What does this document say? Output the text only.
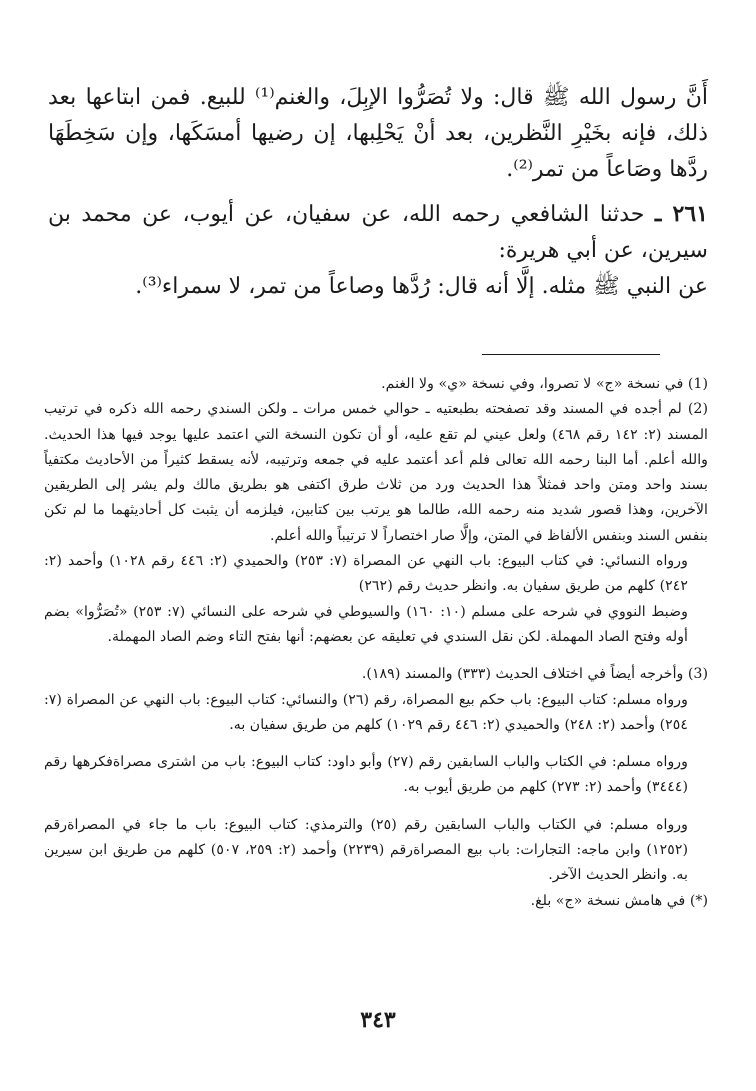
أَنَّ رسول الله ﷺ قال: ولا تُصَرُّوا الإبِلَ، والغنم⁽¹⁾ للبيع. فمن ابتاعها بعد ذلك، فإنه بخَيْرِ النَّظرين، بعد أنْ يَحْلِبها، إن رضيها أمسَكَها، وإن سَخِطَهَا ردَّها وصَاعاً من تمر⁽²⁾.

٢٦١ ـ حدثنا الشافعي رحمه الله، عن سفيان، عن أيوب، عن محمد بن سيرين، عن أبي هريرة:

عن النبي ﷺ مثله. إلَّا أنه قال: رُدَّها وصاعاً من تمر، لا سمراء⁽³⁾.

(1) في نسخة «ج» لا تصروا، وفي نسخة «ي» ولا الغنم.

(2) لم أجده في المسند وقد تصفحته بطبعتيه ـ حوالي خمس مرات ـ ولكن السندي رحمه الله ذكره في ترتيب المسند (٢: ١٤٢ رقم ٤٦٨) ولعل عيني لم تقع عليه، أو أن تكون النسخة التي اعتمد عليها يوجد فيها هذا الحديث. والله أعلم. أما البنا رحمه الله تعالى فلم أعد أعتمد عليه في جمعه وترتيبه، لأنه يسقط كثيراً من الأحاديث مكتفياً بسند واحد ومتن واحد فمثلاً هذا الحديث ورد من ثلاث طرق اكتفى هو بطريق مالك ولم يشر إلى الطريقين الآخرين، وهذا قصور شديد منه رحمه الله، طالما هو يرتب بين كتابين، فيلزمه أن يثبت كل أحاديثهما ما لم تكن بنفس السند وبنفس الألفاظ في المتن، وإلَّا صار اختصاراً لا ترتيباً والله أعلم.

ورواه النسائي: في كتاب البيوع: باب النهي عن المصراة (٧: ٢٥٣) والحميدي (٢: ٤٤٦ رقم ١٠٢٨) وأحمد (٢: ٢٤٢) كلهم من طريق سفيان به. وانظر حديث رقم (٢٦٢)

وضبط النووي في شرحه على مسلم (١٠: ١٦٠) والسيوطي في شرحه على النسائي (٧: ٢٥٣) «تُصَرُّوا» بضم أوله وفتح الصاد المهملة. لكن نقل السندي في تعليقه عن بعضهم: أنها بفتح التاء وضم الصاد المهملة.

(3) وأخرجه أيضاً في اختلاف الحديث (٣٣٣) والمسند (١٨٩).

ورواه مسلم: كتاب البيوع: باب حكم بيع المصراة، رقم (٢٦) والنسائي: كتاب البيوع: باب النهي عن المصراة (٧: ٢٥٤) وأحمد (٢: ٢٤٨) والحميدي (٢: ٤٤٦ رقم ١٠٢٩) كلهم من طريق سفيان به.

ورواه مسلم: في الكتاب والباب السابقين رقم (٢٧) وأبو داود: كتاب البيوع: باب من اشترى مصراةفكرهها رقم (٣٤٤٤) وأحمد (٢: ٢٧٣) كلهم من طريق أيوب به.

ورواه مسلم: في الكتاب والباب السابقين رقم (٢٥) والترمذي: كتاب البيوع: باب ما جاء في المصراةرقم (١٢٥٢) وابن ماجه: التجارات: باب بيع المصراةرقم (٢٢٣٩) وأحمد (٢: ٢٥٩، ٥٠٧) كلهم من طريق ابن سيرين به. وانظر الحديث الآخر.

(*) في هامش نسخة «ج» بلغ.

٣٤٣
